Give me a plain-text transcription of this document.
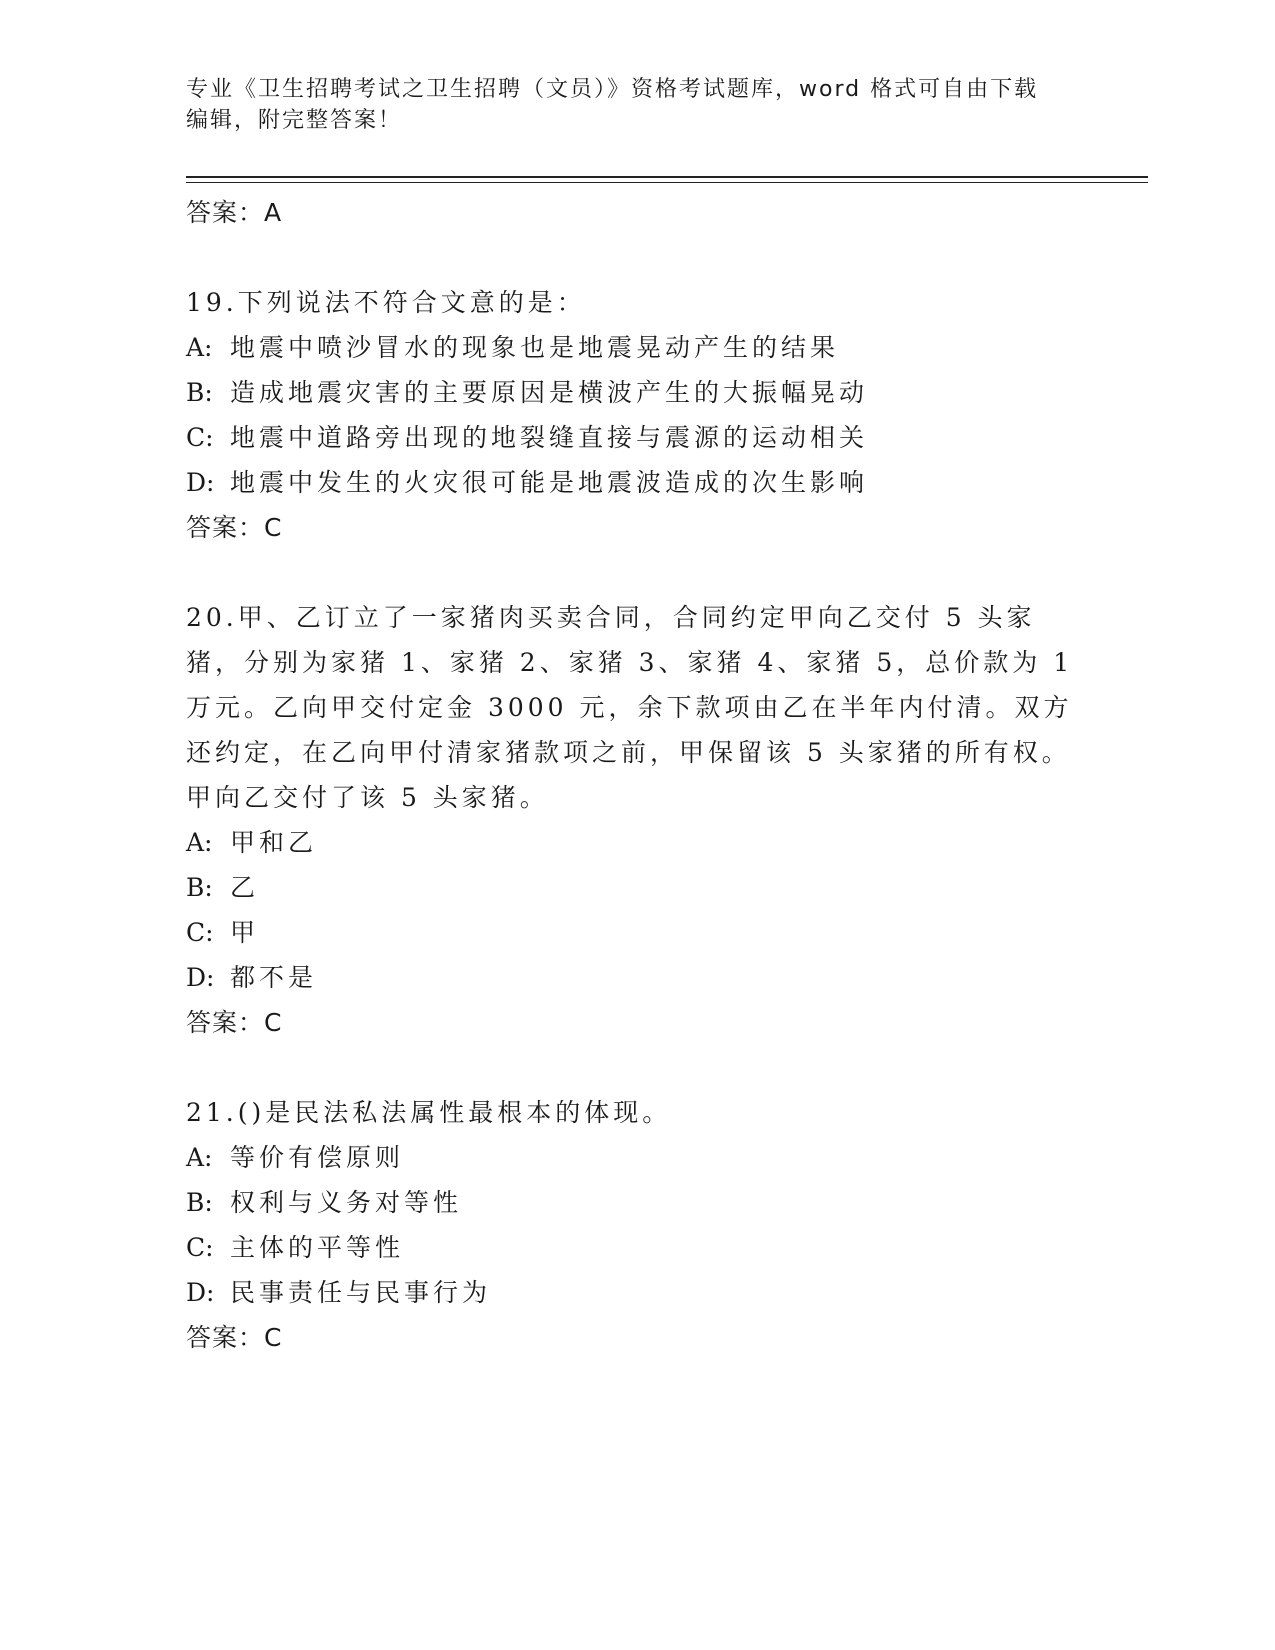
专业《卫生招聘考试之卫生招聘（文员）》资格考试题库，word 格式可自由下载
编辑，附完整答案！
答案：A
19.下列说法不符合文意的是：
A: 地震中喷沙冒水的现象也是地震晃动产生的结果
B: 造成地震灾害的主要原因是横波产生的大振幅晃动
C: 地震中道路旁出现的地裂缝直接与震源的运动相关
D: 地震中发生的火灾很可能是地震波造成的次生影响
答案：C
20.甲、乙订立了一家猪肉买卖合同，合同约定甲向乙交付 5 头家猪，分别为家猪 1、家猪 2、家猪 3、家猪 4、家猪 5，总价款为 1 万元。乙向甲交付定金 3000 元，余下款项由乙在半年内付清。双方还约定，在乙向甲付清家猪款项之前，甲保留该 5 头家猪的所有权。甲向乙交付了该 5 头家猪。
A: 甲和乙
B: 乙
C: 甲
D: 都不是
答案：C
21.()是民法私法属性最根本的体现。
A: 等价有偿原则
B: 权利与义务对等性
C: 主体的平等性
D: 民事责任与民事行为
答案：C
